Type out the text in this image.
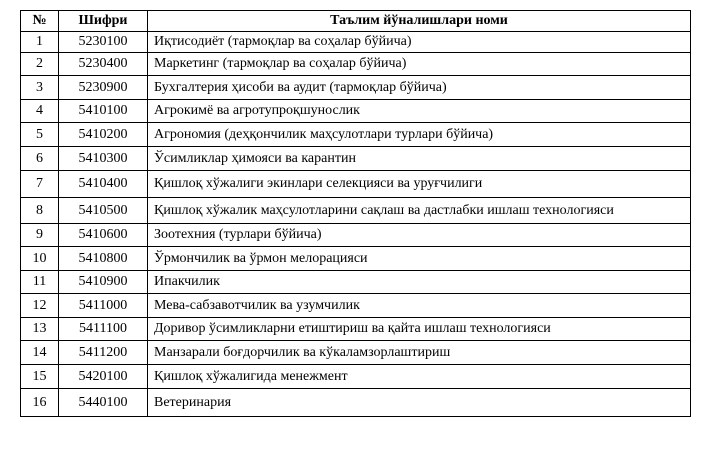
№	Шифри	Таълим йўналишлари номи
1	5230100	Иқтисодиёт (тармоқлар ва соҳалар бўйича)
2	5230400	Маркетинг (тармоқлар ва соҳалар бўйича)
3	5230900	Бухгалтерия ҳисоби ва аудит (тармоқлар бўйича)
4	5410100	Агрокимё ва агротупроқшунослик
5	5410200	Агрономия (деҳқончилик маҳсулотлари турлари бўйича)
6	5410300	Ўсимликлар ҳимояси ва карантин
7	5410400	Қишлоқ хўжалиги экинлари селекцияси ва уруғчилиги
8	5410500	Қишлоқ хўжалик маҳсулотларини сақлаш ва дастлабки ишлаш технологияси
9	5410600	Зоотехния (турлари бўйича)
10	5410800	Ўрмончилик ва ўрмон мелорацияси
11	5410900	Ипакчилик
12	5411000	Мева-сабзавотчилик ва узумчилик
13	5411100	Доривор ўсимликларни етиштириш ва қайта ишлаш технологияси
14	5411200	Манзарали боғдорчилик ва кўкаламзорлаштириш
15	5420100	Қишлоқ хўжалигида менежмент
16	5440100	Ветеринария
